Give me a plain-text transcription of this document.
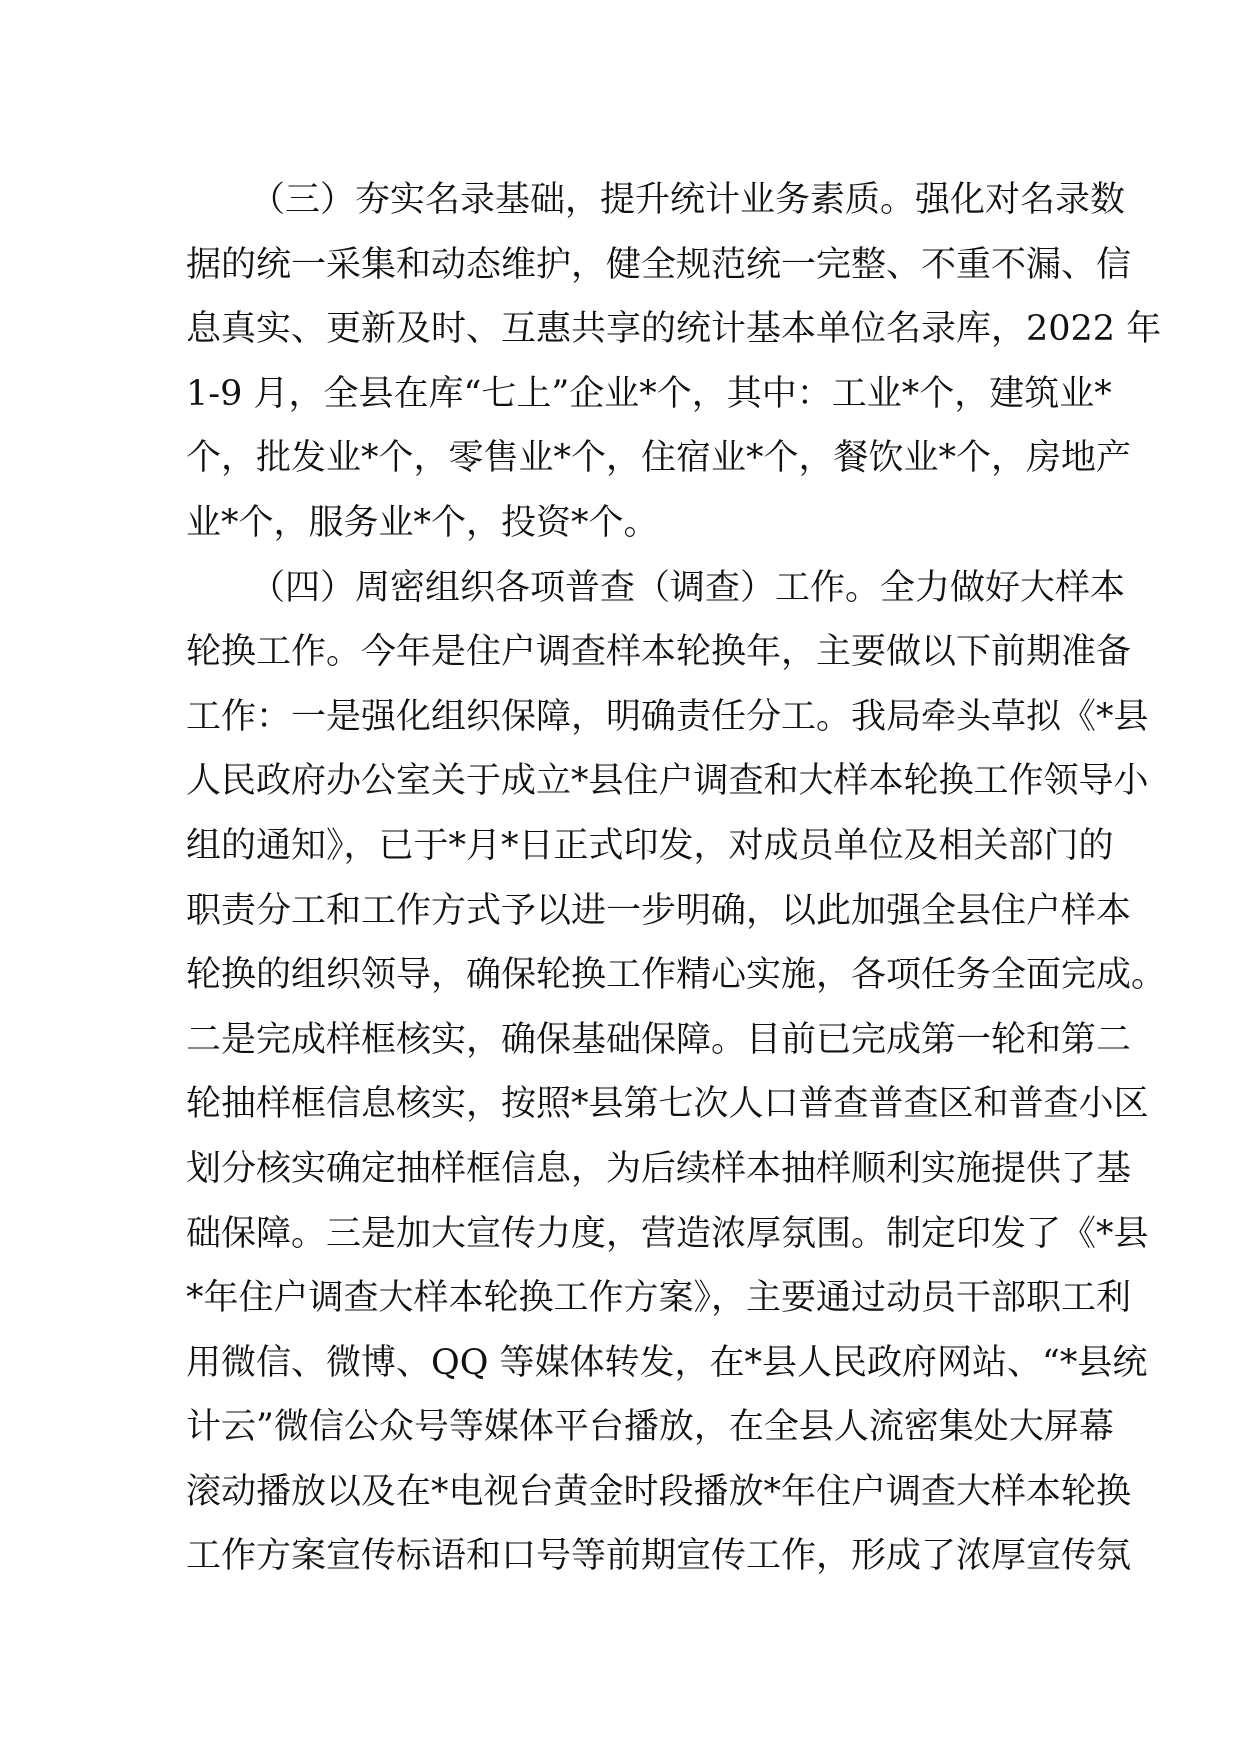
（三）夯实名录基础，提升统计业务素质。强化对名录数
据的统一采集和动态维护，健全规范统一完整、不重不漏、信
息真实、更新及时、互惠共享的统计基本单位名录库，2022 年
1-9 月，全县在库“七上”企业*个，其中：工业*个，建筑业*
个，批发业*个，零售业*个，住宿业*个，餐饮业*个，房地产
业*个，服务业*个，投资*个。

（四）周密组织各项普查（调查）工作。全力做好大样本
轮换工作。今年是住户调查样本轮换年，主要做以下前期准备
工作：一是强化组织保障，明确责任分工。我局牵头草拟《*县
人民政府办公室关于成立*县住户调查和大样本轮换工作领导小
组的通知》，已于*月*日正式印发，对成员单位及相关部门的
职责分工和工作方式予以进一步明确，以此加强全县住户样本
轮换的组织领导，确保轮换工作精心实施，各项任务全面完成。
二是完成样框核实，确保基础保障。目前已完成第一轮和第二
轮抽样框信息核实，按照*县第七次人口普查普查区和普查小区
划分核实确定抽样框信息，为后续样本抽样顺利实施提供了基
础保障。三是加大宣传力度，营造浓厚氛围。制定印发了《*县
*年住户调查大样本轮换工作方案》，主要通过动员干部职工利
用微信、微博、QQ 等媒体转发，在*县人民政府网站、“*县统
计云”微信公众号等媒体平台播放，在全县人流密集处大屏幕
滚动播放以及在*电视台黄金时段播放*年住户调查大样本轮换
工作方案宣传标语和口号等前期宣传工作，形成了浓厚宣传氛
